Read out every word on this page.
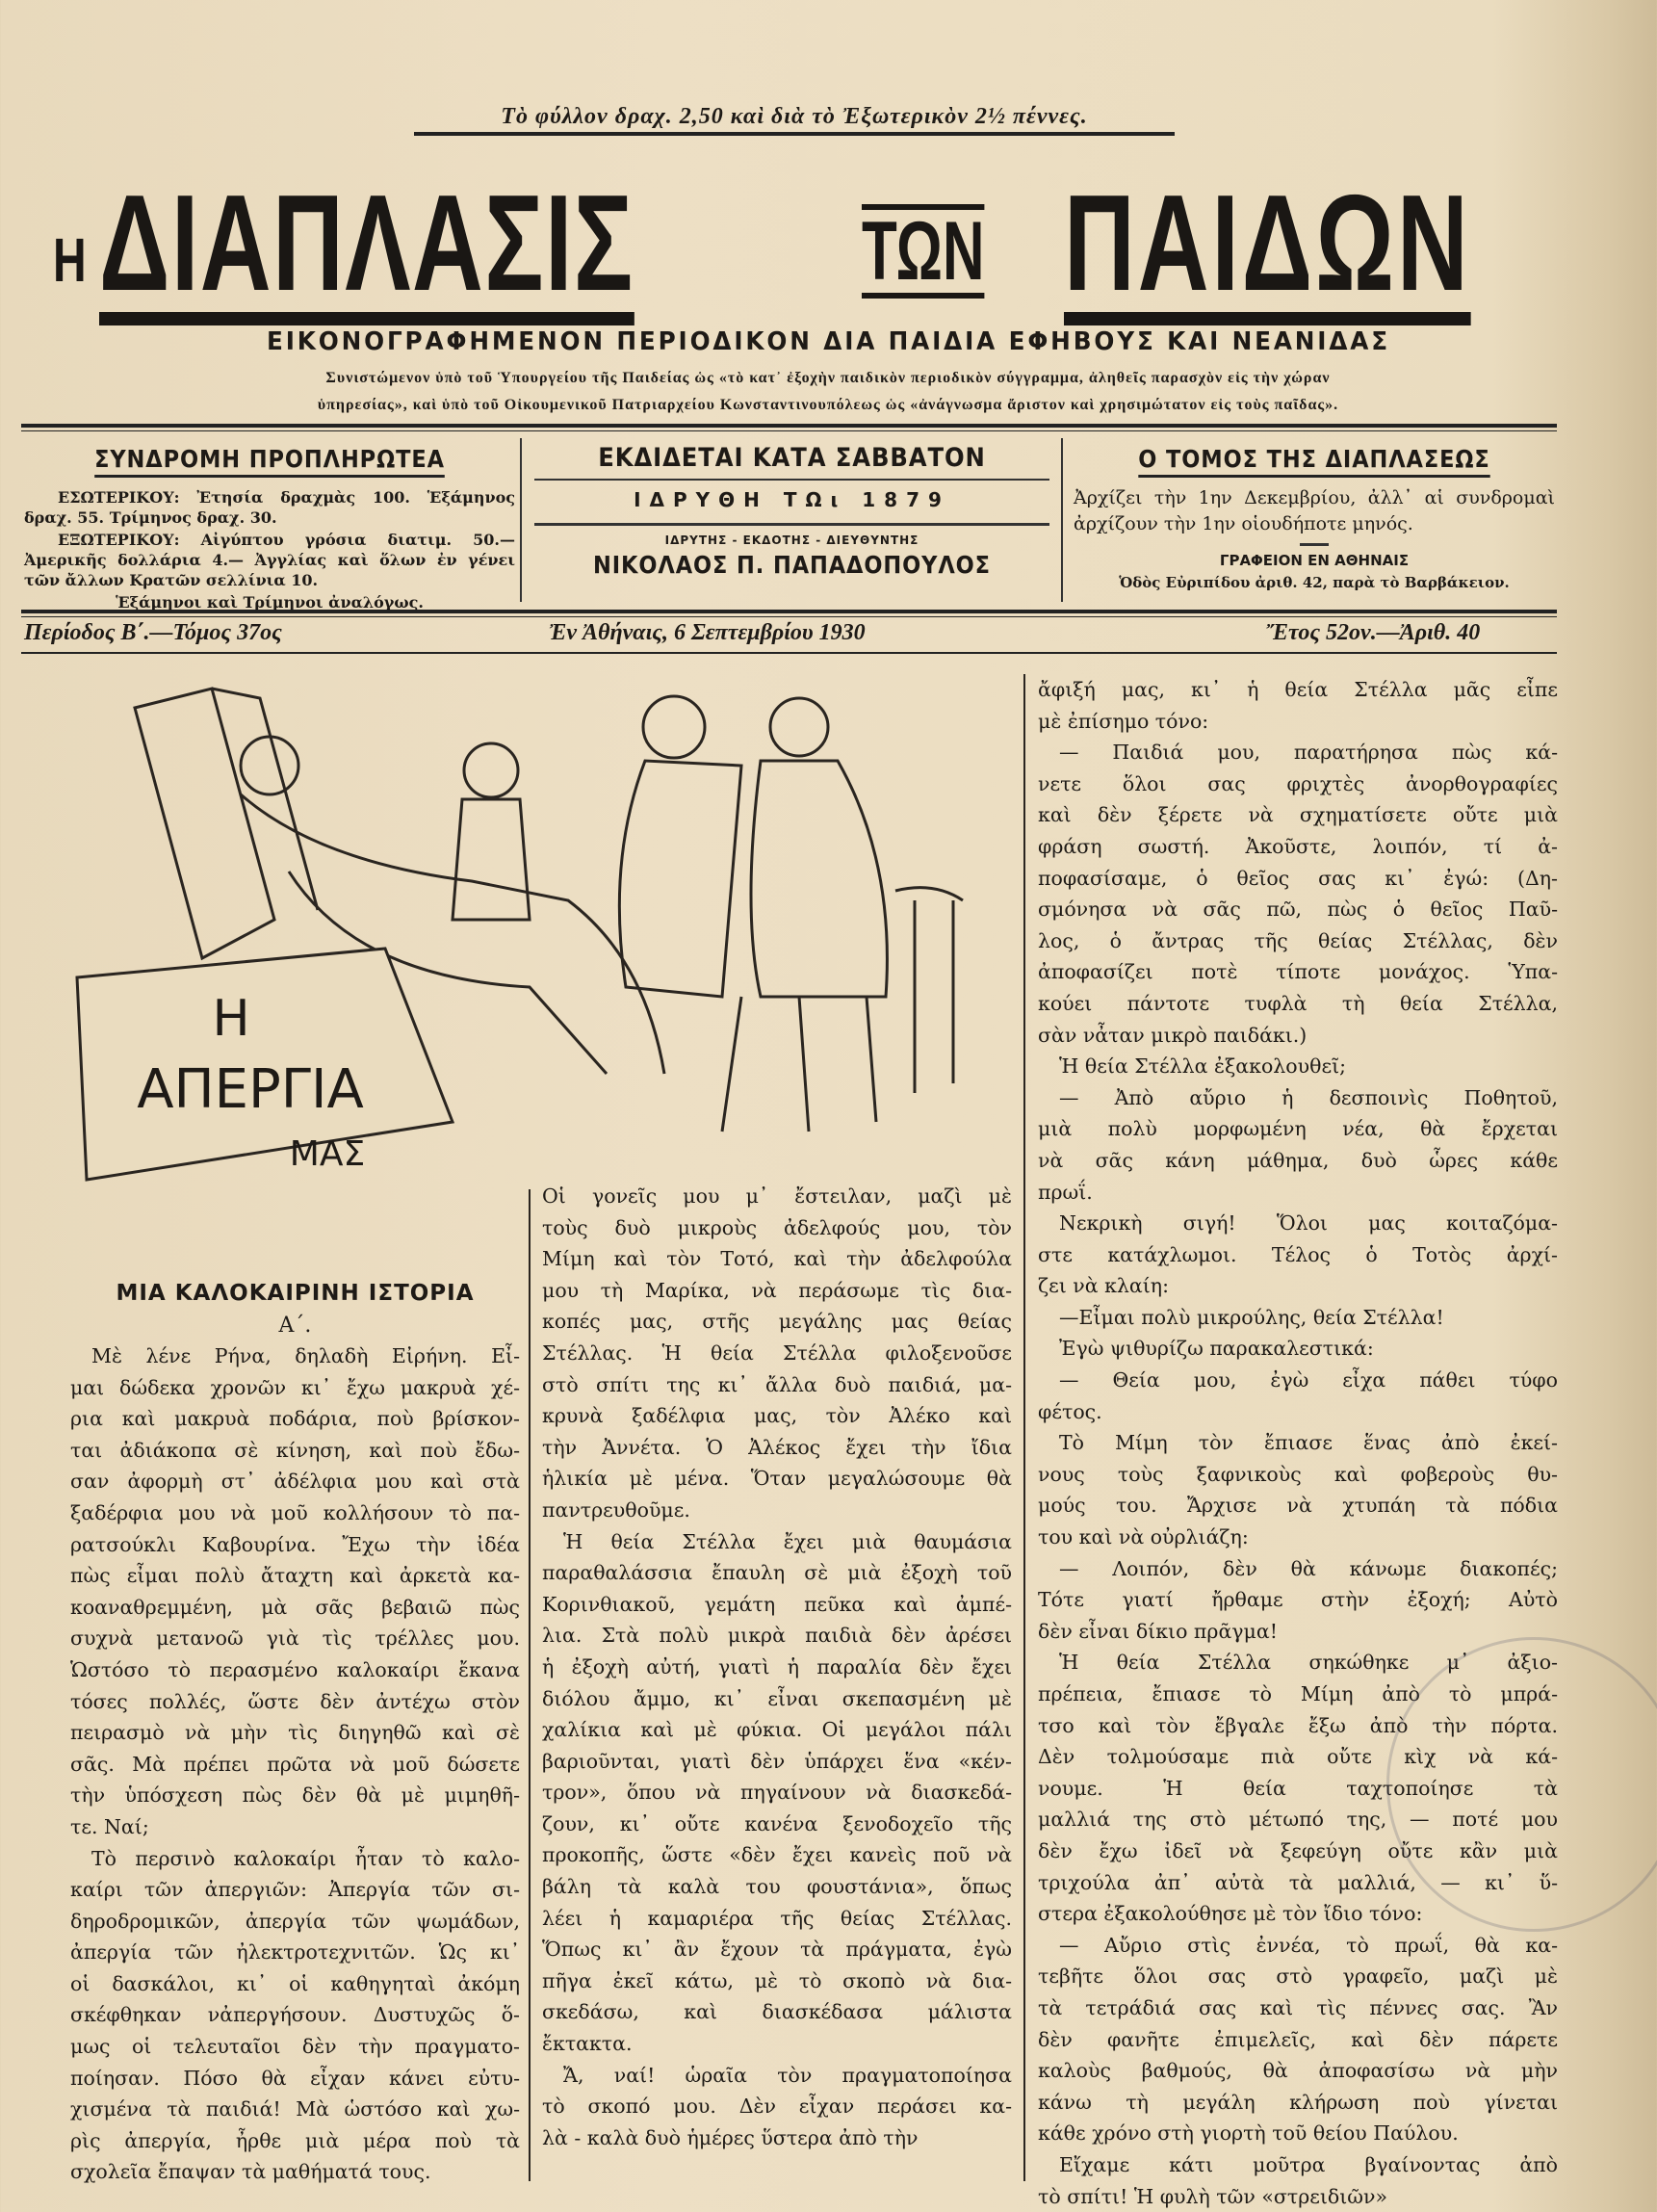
Τὸ φύλλον δραχ. 2,50 καὶ διὰ τὸ Ἐξωτερικὸν 2½ πέννες.
Η ΔΙΑΠΛΑΣΙΣ	ΤΩΝ ΠΑΙΔΩΝ
ΕΙΚΟΝΟΓΡΑΦΗΜΕΝΟΝ ΠΕΡΙΟΔΙΚΟΝ ΔΙΑ ΠΑΙΔΙΑ ΕΦΗΒΟΥΣ ΚΑΙ ΝΕΑΝΙΔΑΣ
Συνιστώμενον ὑπὸ τοῦ Ὑπουργείου τῆς Παιδείας ὡς «τὸ κατ᾽ ἐξοχὴν παιδικὸν περιοδικὸν σύγγραμμα, ἀληθεῖς παρασχὸν εἰς τὴν χώραν
ὑπηρεσίας», καὶ ὑπὸ τοῦ Οἰκουμενικοῦ Πατριαρχείου Κωνσταντινουπόλεως ὡς «ἀνάγνωσμα ἄριστον καὶ χρησιμώτατον εἰς τοὺς παῖδας».
ΣΥΝΔΡΟΜΗ ΠΡΟΠΛΗΡΩΤΕΑ
ΕΣΩΤΕΡΙΚΟΥ: Ἐτησία δραχμὰς 100. Ἑξάμηνος δραχ. 55. Τρίμηνος δραχ. 30.
ΕΞΩΤΕΡΙΚΟΥ: Αἰγύπτου γρόσια διατιμ. 50.— Ἀμερικῆς δολλάρια 4.— Ἀγγλίας καὶ ὅλων ἐν γένει τῶν ἄλλων Κρατῶν σελλίνια 10.
Ἑξάμηνοι καὶ Τρίμηνοι ἀναλόγως.
ΕΚΔΙΔΕΤΑΙ ΚΑΤΑ ΣΑΒΒΑΤΟΝ
ΙΔΡΥΘΗ ΤΩι 1879
ΙΔΡΥΤΗΣ - ΕΚΔΟΤΗΣ - ΔΙΕΥΘΥΝΤΗΣ
ΝΙΚΟΛΑΟΣ Π. ΠΑΠΑΔΟΠΟΥΛΟΣ
Ο ΤΟΜΟΣ ΤΗΣ ΔΙΑΠΛΑΣΕΩΣ
Ἀρχίζει τὴν 1ην Δεκεμβρίου, ἀλλ᾽ αἱ συνδρομαὶ ἀρχίζουν τὴν 1ην οἱουδήποτε μηνός.
ΓΡΑΦΕΙΟΝ ΕΝ ΑΘΗΝΑΙΣ
Ὁδὸς Εὐριπίδου ἀριθ. 42, παρὰ τὸ Βαρβάκειον.
Περίοδος Β΄.—Τόμος 37ος	Ἐν Ἀθήναις, 6 Σεπτεμβρίου 1930	Ἔτος 52ον.—Ἀριθ. 40
Η
ΑΠΕΡΓΙΑ
ΜΑΣ
ΜΙΑ ΚΑΛΟΚΑΙΡΙΝΗ ΙΣΤΟΡΙΑ
Α΄.
Μὲ λένε Ρήνα, δηλαδὴ Εἰρήνη. Εἶ-
μαι δώδεκα χρονῶν κι᾽ ἔχω μακρυὰ χέ-
ρια καὶ μακρυὰ ποδάρια, ποὺ βρίσκον-
ται ἀδιάκοπα σὲ κίνηση, καὶ ποὺ ἔδω-
σαν ἀφορμὴ στ᾽ ἀδέλφια μου καὶ στὰ
ξαδέρφια μου νὰ μοῦ κολλήσουν τὸ πα-
ρατσούκλι Καβουρίνα. Ἔχω τὴν ἰδέα
πὼς εἶμαι πολὺ ἄταχτη καὶ ἀρκετὰ κα-
κοαναθρεμμένη, μὰ σᾶς βεβαιῶ πὼς
συχνὰ μετανοῶ γιὰ τὶς τρέλλες μου.
Ὡστόσο τὸ περασμένο καλοκαίρι ἔκανα
τόσες πολλές, ὥστε δὲν ἀντέχω στὸν
πειρασμὸ νὰ μὴν τὶς διηγηθῶ καὶ σὲ
σᾶς. Μὰ πρέπει πρῶτα νὰ μοῦ δώσετε
τὴν ὑπόσχεση πὼς δὲν θὰ μὲ μιμηθῆ-
τε. Ναί;
Τὸ περσινὸ καλοκαίρι ἦταν τὸ καλο-
καίρι τῶν ἀπεργιῶν: Ἀπεργία τῶν σι-
δηροδρομικῶν, ἀπεργία τῶν ψωμάδων,
ἀπεργία τῶν ἠλεκτροτεχνιτῶν. Ὡς κι᾽
οἱ δασκάλοι, κι᾽ οἱ καθηγηταὶ ἀκόμη
σκέφθηκαν νἀπεργήσουν. Δυστυχῶς ὅ-
μως οἱ τελευταῖοι δὲν τὴν πραγματο-
ποίησαν. Πόσο θὰ εἶχαν κάνει εὐτυ-
χισμένα τὰ παιδιά! Μὰ ὡστόσο καὶ χω-
ρὶς ἀπεργία, ἦρθε μιὰ μέρα ποὺ τὰ
σχολεῖα ἔπαψαν τὰ μαθήματά τους.
Οἱ γονεῖς μου μ᾽ ἔστειλαν, μαζὶ μὲ
τοὺς δυὸ μικροὺς ἀδελφούς μου, τὸν
Μίμη καὶ τὸν Τοτό, καὶ τὴν ἀδελφούλα
μου τὴ Μαρίκα, νὰ περάσωμε τὶς δια-
κοπές μας, στῆς μεγάλης μας θείας
Στέλλας. Ἡ θεία Στέλλα φιλοξενοῦσε
στὸ σπίτι της κι᾽ ἄλλα δυὸ παιδιά, μα-
κρυνὰ ξαδέλφια μας, τὸν Ἀλέκο καὶ
τὴν Ἀννέτα. Ὁ Ἀλέκος ἔχει τὴν ἴδια
ἡλικία μὲ μένα. Ὅταν μεγαλώσουμε θὰ
παντρευθοῦμε.
Ἡ θεία Στέλλα ἔχει μιὰ θαυμάσια
παραθαλάσσια ἔπαυλη σὲ μιὰ ἐξοχὴ τοῦ
Κορινθιακοῦ, γεμάτη πεῦκα καὶ ἀμπέ-
λια. Στὰ πολὺ μικρὰ παιδιὰ δὲν ἀρέσει
ἡ ἐξοχὴ αὐτή, γιατὶ ἡ παραλία δὲν ἔχει
διόλου ἄμμο, κι᾽ εἶναι σκεπασμένη μὲ
χαλίκια καὶ μὲ φύκια. Οἱ μεγάλοι πάλι
βαριοῦνται, γιατὶ δὲν ὑπάρχει ἕνα «κέν-
τρον», ὅπου νὰ πηγαίνουν νὰ διασκεδά-
ζουν, κι᾽ οὔτε κανένα ξενοδοχεῖο τῆς
προκοπῆς, ὥστε «δὲν ἔχει κανεὶς ποῦ νὰ
βάλη τὰ καλὰ του φουστάνια», ὅπως
λέει ἡ καμαριέρα τῆς θείας Στέλλας.
Ὅπως κι᾽ ἂν ἔχουν τὰ πράγματα, ἐγὼ
πῆγα ἐκεῖ κάτω, μὲ τὸ σκοπὸ νὰ δια-
σκεδάσω, καὶ διασκέδασα μάλιστα
ἔκτακτα.
Ἄ, ναί! ὡραῖα τὸν πραγματοποίησα
τὸ σκοπό μου. Δὲν εἶχαν περάσει κα-
λὰ - καλὰ δυὸ ἡμέρες ὕστερα ἀπὸ τὴν
ἄφιξή μας, κι᾽ ἡ θεία Στέλλα μᾶς εἶπε
μὲ ἐπίσημο τόνο:
— Παιδιά μου, παρατήρησα πὼς κά-
νετε ὅλοι σας φριχτὲς ἀνορθογραφίες
καὶ δὲν ξέρετε νὰ σχηματίσετε οὔτε μιὰ
φράση σωστή. Ἀκοῦστε, λοιπόν, τί ἀ-
ποφασίσαμε, ὁ θεῖος σας κι᾽ ἐγώ: (Δη-
σμόνησα νὰ σᾶς πῶ, πὼς ὁ θεῖος Παῦ-
λος, ὁ ἄντρας τῆς θείας Στέλλας, δὲν
ἀποφασίζει ποτὲ τίποτε μονάχος. Ὑπα-
κούει πάντοτε τυφλὰ τὴ θεία Στέλλα,
σὰν νἆταν μικρὸ παιδάκι.)
Ἡ θεία Στέλλα ἐξακολουθεῖ;
— Ἀπὸ αὔριο ἡ δεσποινὶς Ποθητοῦ,
μιὰ πολὺ μορφωμένη νέα, θὰ ἔρχεται
νὰ σᾶς κάνη μάθημα, δυὸ ὧρες κάθε
πρωΐ.
Νεκρικὴ σιγή! Ὅλοι μας κοιταζόμα-
στε κατάχλωμοι. Τέλος ὁ Τοτὸς ἀρχί-
ζει νὰ κλαίη:
—Εἶμαι πολὺ μικρούλης, θεία Στέλλα!
Ἐγὼ ψιθυρίζω παρακαλεστικά:
— Θεία μου, ἐγὼ εἶχα πάθει τύφο
φέτος.
Τὸ Μίμη τὸν ἔπιασε ἕνας ἀπὸ ἐκεί-
νους τοὺς ξαφνικοὺς καὶ φοβεροὺς θυ-
μούς του. Ἄρχισε νὰ χτυπάη τὰ πόδια
του καὶ νὰ οὐρλιάζη:
— Λοιπόν, δὲν θὰ κάνωμε διακοπές;
Τότε γιατί ἤρθαμε στὴν ἐξοχή; Αὐτὸ
δὲν εἶναι δίκιο πρᾶγμα!
Ἡ θεία Στέλλα σηκώθηκε μ᾽ ἀξιο-
πρέπεια, ἔπιασε τὸ Μίμη ἀπὸ τὸ μπρά-
τσο καὶ τὸν ἔβγαλε ἔξω ἀπὸ τὴν πόρτα.
Δὲν τολμούσαμε πιὰ οὔτε κὶχ νὰ κά-
νουμε. Ἡ θεία ταχτοποίησε τὰ
μαλλιά της στὸ μέτωπό της, — ποτέ μου
δὲν ἔχω ἰδεῖ νὰ ξεφεύγη οὔτε κἂν μιὰ
τριχούλα ἀπ᾽ αὐτὰ τὰ μαλλιά, — κι᾽ ὕ-
στερα ἐξακολούθησε μὲ τὸν ἴδιο τόνο:
— Αὔριο στὶς ἐννέα, τὸ πρωΐ, θὰ κα-
τεβῆτε ὅλοι σας στὸ γραφεῖο, μαζὶ μὲ
τὰ τετράδιά σας καὶ τὶς πέννες σας. Ἂν
δὲν φανῆτε ἐπιμελεῖς, καὶ δὲν πάρετε
καλοὺς βαθμούς, θὰ ἀποφασίσω νὰ μὴν
κάνω τὴ μεγάλη κλήρωση ποὺ γίνεται
κάθε χρόνο στὴ γιορτὴ τοῦ θείου Παύλου.
Εἴχαμε κάτι μοῦτρα βγαίνοντας ἀπὸ
τὸ σπίτι! Ἡ φυλὴ τῶν «στρειδιῶν»
